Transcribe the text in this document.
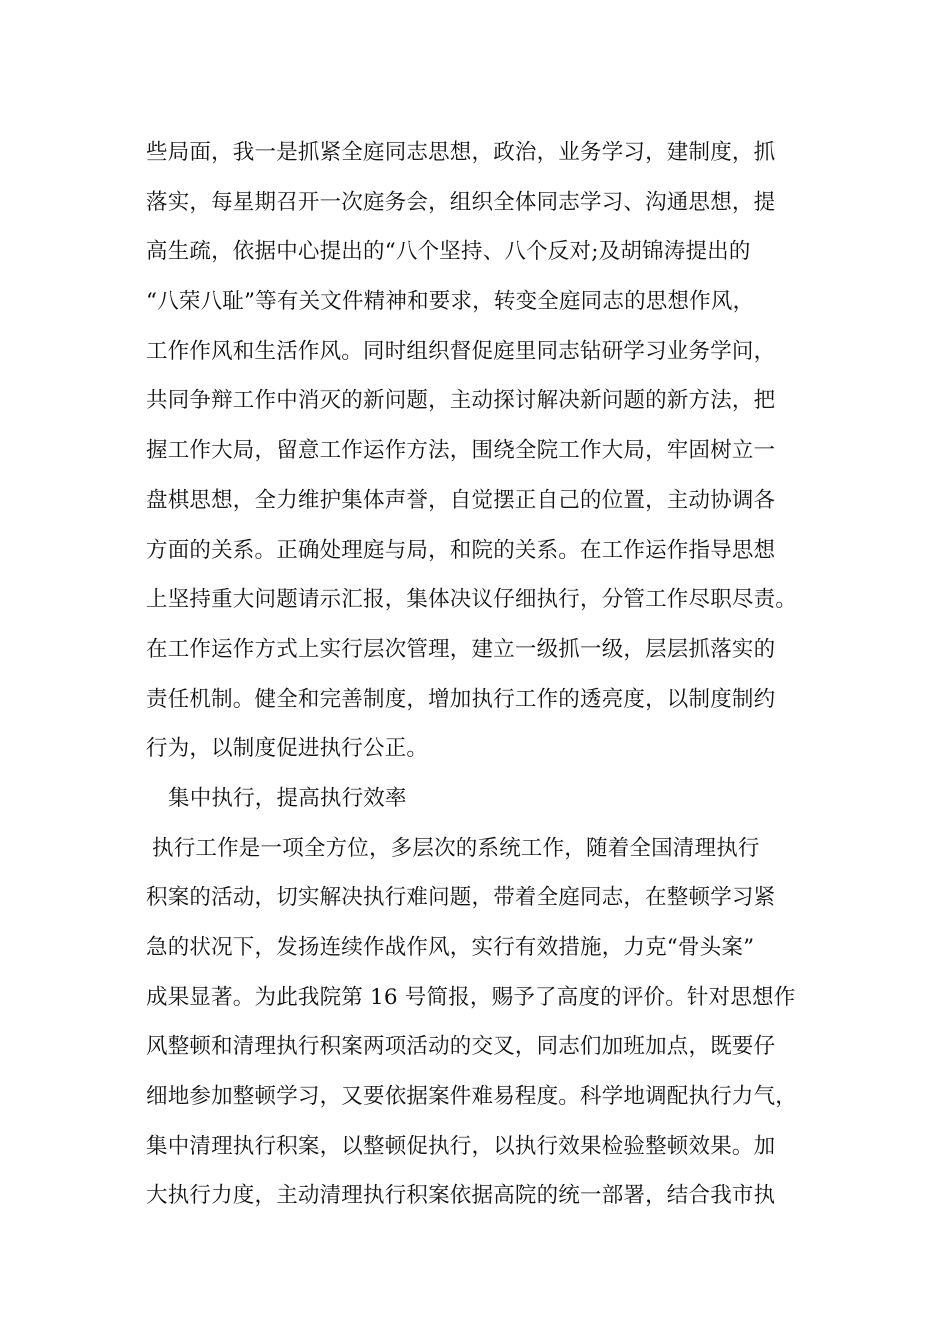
些局面，我一是抓紧全庭同志思想，政治，业务学习，建制度，抓
落实，每星期召开一次庭务会，组织全体同志学习、沟通思想，提
高生疏，依据中心提出的“八个坚持、八个反对;及胡锦涛提出的
“八荣八耻”等有关文件精神和要求，转变全庭同志的思想作风，
工作作风和生活作风。同时组织督促庭里同志钻研学习业务学问，
共同争辩工作中消灭的新问题，主动探讨解决新问题的新方法，把
握工作大局，留意工作运作方法，围绕全院工作大局，牢固树立一
盘棋思想，全力维护集体声誉，自觉摆正自己的位置，主动协调各
方面的关系。正确处理庭与局，和院的关系。在工作运作指导思想
上坚持重大问题请示汇报，集体决议仔细执行，分管工作尽职尽责。
在工作运作方式上实行层次管理，建立一级抓一级，层层抓落实的
责任机制。健全和完善制度，增加执行工作的透亮度，以制度制约
行为，以制度促进执行公正。
集中执行，提高执行效率
执行工作是一项全方位，多层次的系统工作，随着全国清理执行
积案的活动，切实解决执行难问题，带着全庭同志，在整顿学习紧
急的状况下，发扬连续作战作风，实行有效措施，力克“骨头案”
成果显著。为此我院第 16 号简报，赐予了高度的评价。针对思想作
风整顿和清理执行积案两项活动的交叉，同志们加班加点，既要仔
细地参加整顿学习，又要依据案件难易程度。科学地调配执行力气，
集中清理执行积案，以整顿促执行，以执行效果检验整顿效果。加
大执行力度，主动清理执行积案依据高院的统一部署，结合我市执
